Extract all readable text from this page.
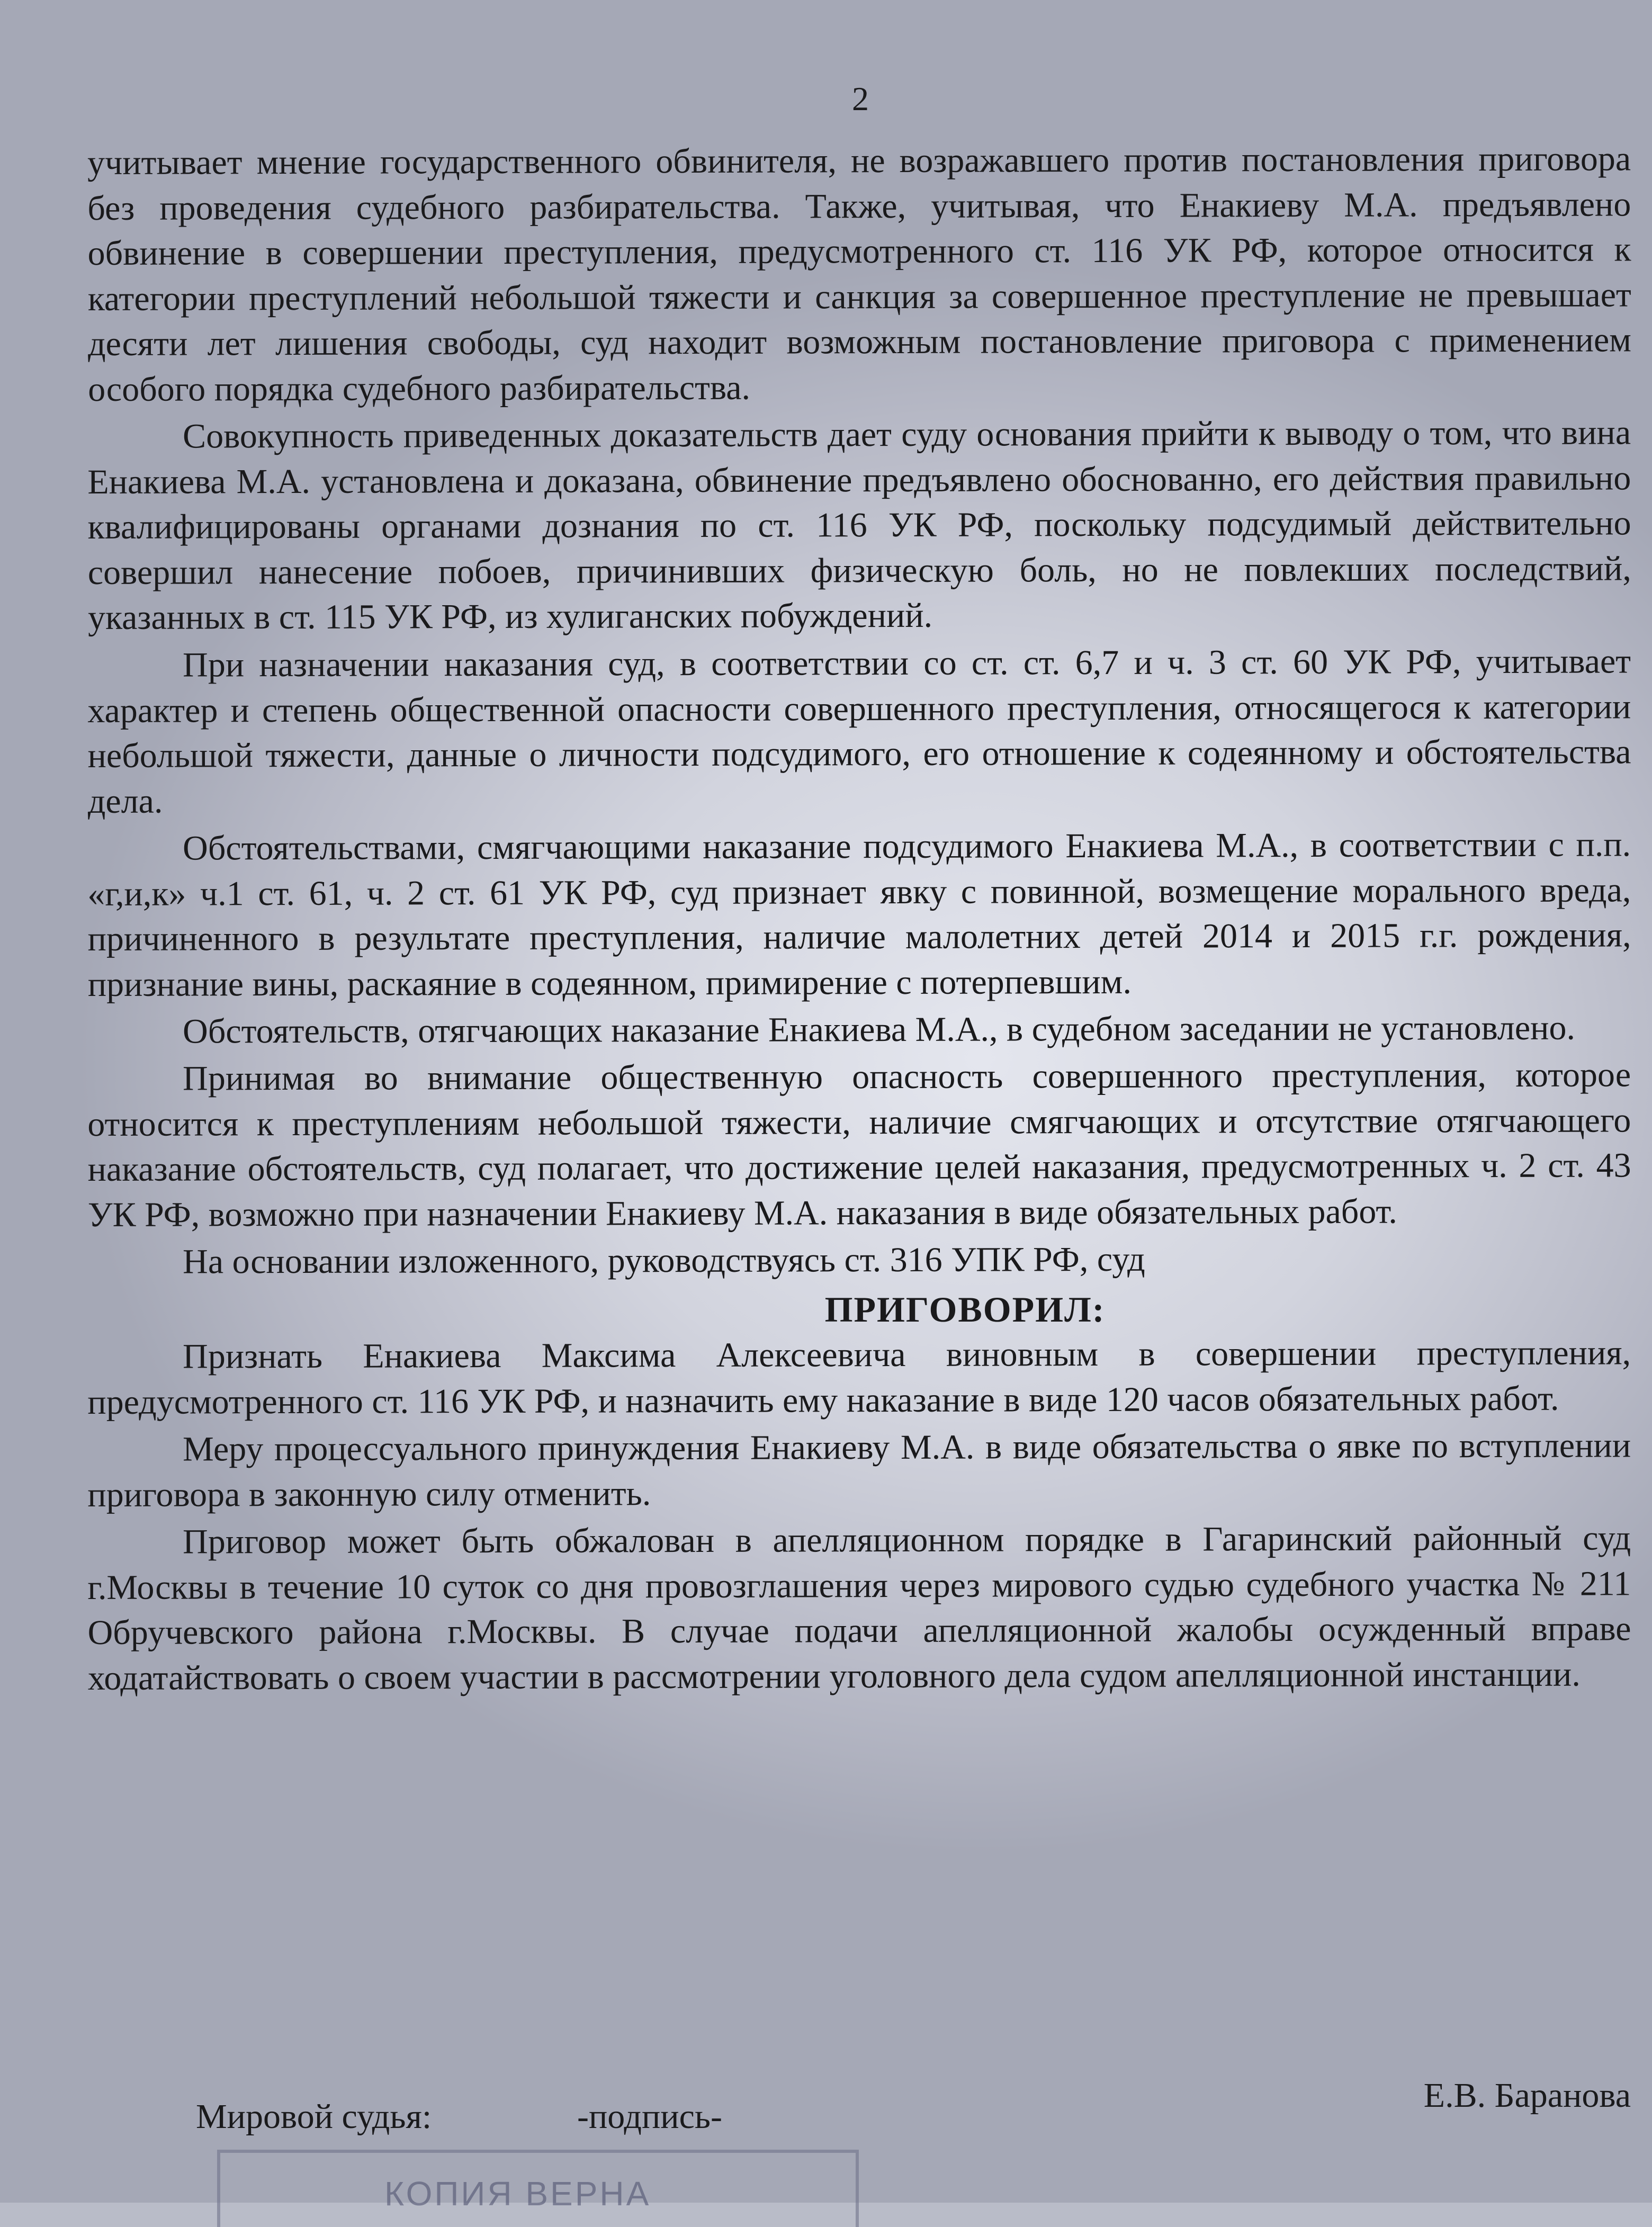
2

учитывает мнение государственного обвинителя, не возражавшего против постановления приговора без проведения судебного разбирательства. Также, учитывая, что Енакиеву М.А. предъявлено обвинение в совершении преступления, предусмотренного ст. 116 УК РФ, которое относится к категории преступлений небольшой тяжести и санкция за совершенное преступление не превышает десяти лет лишения свободы, суд находит возможным постановление приговора с применением особого порядка судебного разбирательства.

Совокупность приведенных доказательств дает суду основания прийти к выводу о том, что вина Енакиева М.А. установлена и доказана, обвинение предъявлено обоснованно, его действия правильно квалифицированы органами дознания по ст. 116 УК РФ, поскольку подсудимый действительно совершил нанесение побоев, причинивших физическую боль, но не повлекших последствий, указанных в ст. 115 УК РФ, из хулиганских побуждений.

При назначении наказания суд, в соответствии со ст. ст. 6,7 и ч. 3 ст. 60 УК РФ, учитывает характер и степень общественной опасности совершенного преступления, относящегося к категории небольшой тяжести, данные о личности подсудимого, его отношение к содеянному и обстоятельства дела.

Обстоятельствами, смягчающими наказание подсудимого Енакиева М.А., в соответствии с п.п. «г,и,к» ч.1 ст. 61, ч. 2 ст. 61 УК РФ, суд признает явку с повинной, возмещение морального вреда, причиненного в результате преступления, наличие малолетних детей 2014 и 2015 г.г. рождения, признание вины, раскаяние в содеянном, примирение с потерпевшим.

Обстоятельств, отягчающих наказание Енакиева М.А., в судебном заседании не установлено.

Принимая во внимание общественную опасность совершенного преступления, которое относится к преступлениям небольшой тяжести, наличие смягчающих и отсутствие отягчающего наказание обстоятельств, суд полагает, что достижение целей наказания, предусмотренных ч. 2 ст. 43 УК РФ, возможно при назначении Енакиеву М.А. наказания в виде обязательных работ.

На основании изложенного, руководствуясь ст. 316 УПК РФ, суд

ПРИГОВОРИЛ:

Признать Енакиева Максима Алексеевича виновным в совершении преступления, предусмотренного ст. 116 УК РФ, и назначить ему наказание в виде 120 часов обязательных работ.

Меру процессуального принуждения Енакиеву М.А. в виде обязательства о явке по вступлении приговора в законную силу отменить.

Приговор может быть обжалован в апелляционном порядке в Гагаринский районный суд г.Москвы в течение 10 суток со дня провозглашения через мирового судью судебного участка № 211 Обручевского района г.Москвы. В случае подачи апелляционной жалобы осужденный вправе ходатайствовать о своем участии в рассмотрении уголовного дела судом апелляционной инстанции.

Мировой судья:	-подпись-
Е.В. Баранова
КОПИЯ ВЕРНА
